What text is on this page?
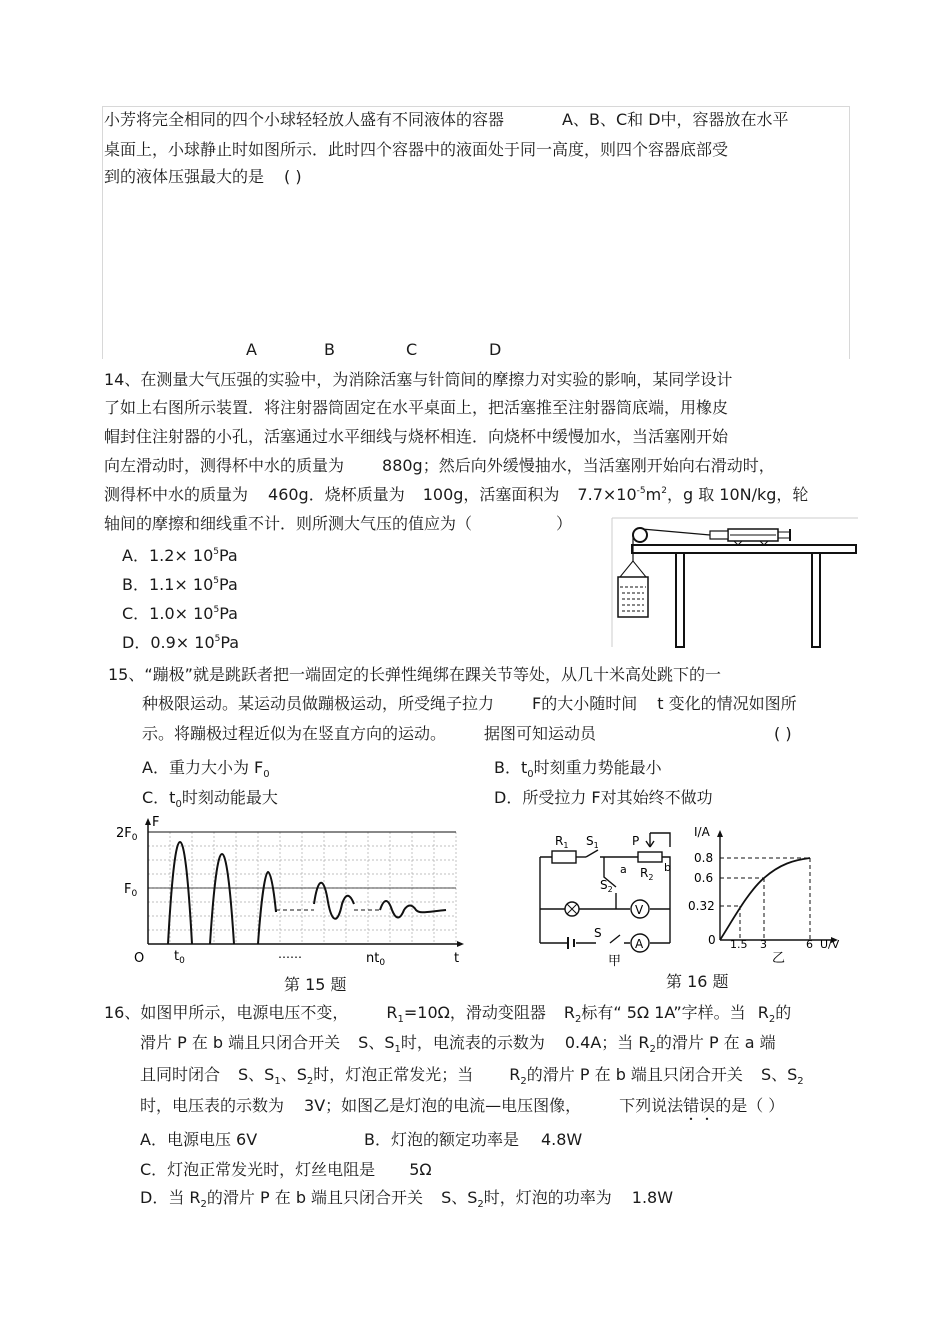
小芳将完全相同的四个小球轻轻放人盛有不同液体的容器	A、B、C和 D中，容器放在水平
桌面上，小球静止时如图所示．此时四个容器中的液面处于同一高度，则四个容器底部受
到的液体压强最大的是 ( )
A	B	C	D
14、在测量大气压强的实验中，为消除活塞与针筒间的摩擦力对实验的影响，某同学设计
了如上右图所示装置．将注射器筒固定在水平桌面上，把活塞推至注射器筒底端，用橡皮
帽封住注射器的小孔，活塞通过水平细线与烧杯相连．向烧杯中缓慢加水，当活塞刚开始
向左滑动时，测得杯中水的质量为 880g；然后向外缓慢抽水，当活塞刚开始向右滑动时，
测得杯中水的质量为 460g．烧杯质量为 100g，活塞面积为 $7.7\times 10^{-5}m^2$，g 取 10N/kg，轮
轴间的摩擦和细线重不计．则所测大气压的值应为（	）
A．$1.2\times 10^5Pa$
B．$1.1\times 10^5Pa$
C．$1.0\times 10^5Pa$
D．$0.9\times 10^5Pa$
15、“蹦极”就是跳跃者把一端固定的长弹性绳绑在踝关节等处，从几十米高处跳下的一
种极限运动。某运动员做蹦极运动，所受绳子拉力 F的大小随时间 t 变化的情况如图所
示。将蹦极过程近似为在竖直方向的运动。 据图可知运动员	( )
A．重力大小为 $F_0$	B．$t_0$时刻重力势能最小
C．$t_0$时刻动能最大	D．所受拉力 F对其始终不做功
F
$2F_0$
$F_0$
O $t_0$	……	$nt_0$	t
第 15 题
$R_1$ $S_1$	P
b
a $R_2$
$S_2$
V
A
S
甲
I/A
0.8
0.6
0.32
0 1.5 3	6 U/V
乙
第 16 题
16、如图甲所示，电源电压不变， $R_1=10\Omega$，滑动变阻器 $R_2$标有“ 5Ω 1A”字样。当 $R_2$的
滑片 P 在 b 端且只闭合开关 S、$S_1$时，电流表的示数为 0.4A；当 $R_2$的滑片 P 在 a 端
且同时闭合 S、$S_1$、$S_2$时，灯泡正常发光；当 $R_2$的滑片 P 在 b 端且只闭合开关 S、$S_2$
时，电压表的示数为 3V；如图乙是灯泡的电流—电压图像， 下列说法错误的是（ ）
A．电源电压 6V	B．灯泡的额定功率是 4.8W
C．灯泡正常发光时，灯丝电阻是 5Ω
D．当 $R_2$的滑片 P 在 b 端且只闭合开关 S、$S_2$时，灯泡的功率为 1.8W
